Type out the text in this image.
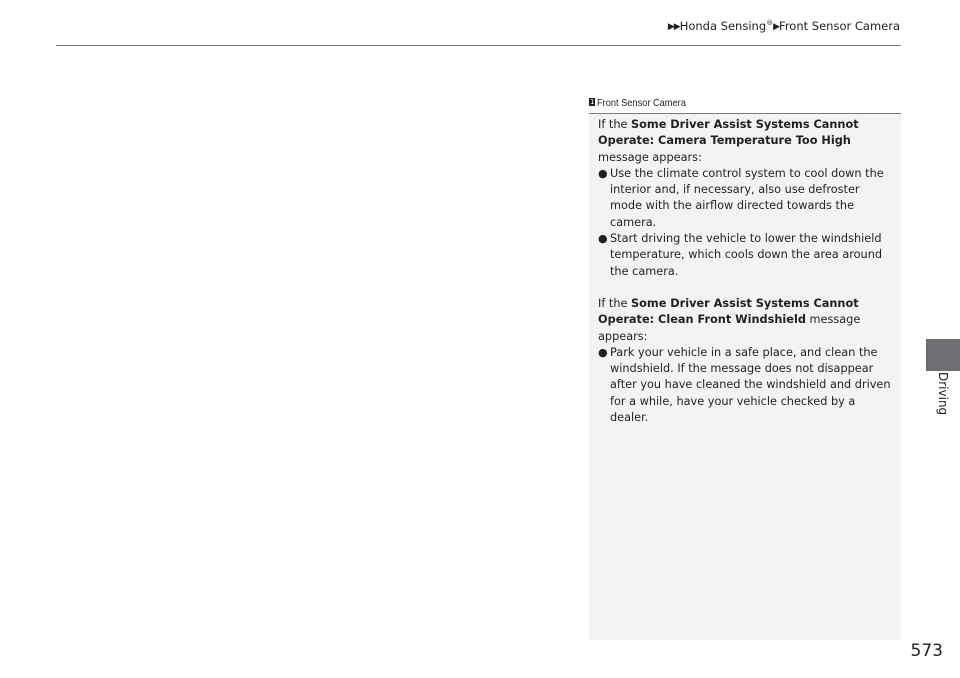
▶▶Honda Sensing®▶Front Sensor Camera
1 Front Sensor Camera

If the Some Driver Assist Systems Cannot Operate: Camera Temperature Too High message appears:

● Use the climate control system to cool down the interior and, if necessary, also use defroster mode with the airflow directed towards the camera.
● Start driving the vehicle to lower the windshield temperature, which cools down the area around the camera.

If the Some Driver Assist Systems Cannot Operate: Clean Front Windshield message appears:

● Park your vehicle in a safe place, and clean the windshield. If the message does not disappear after you have cleaned the windshield and driven for a while, have your vehicle checked by a dealer.
Driving
573
